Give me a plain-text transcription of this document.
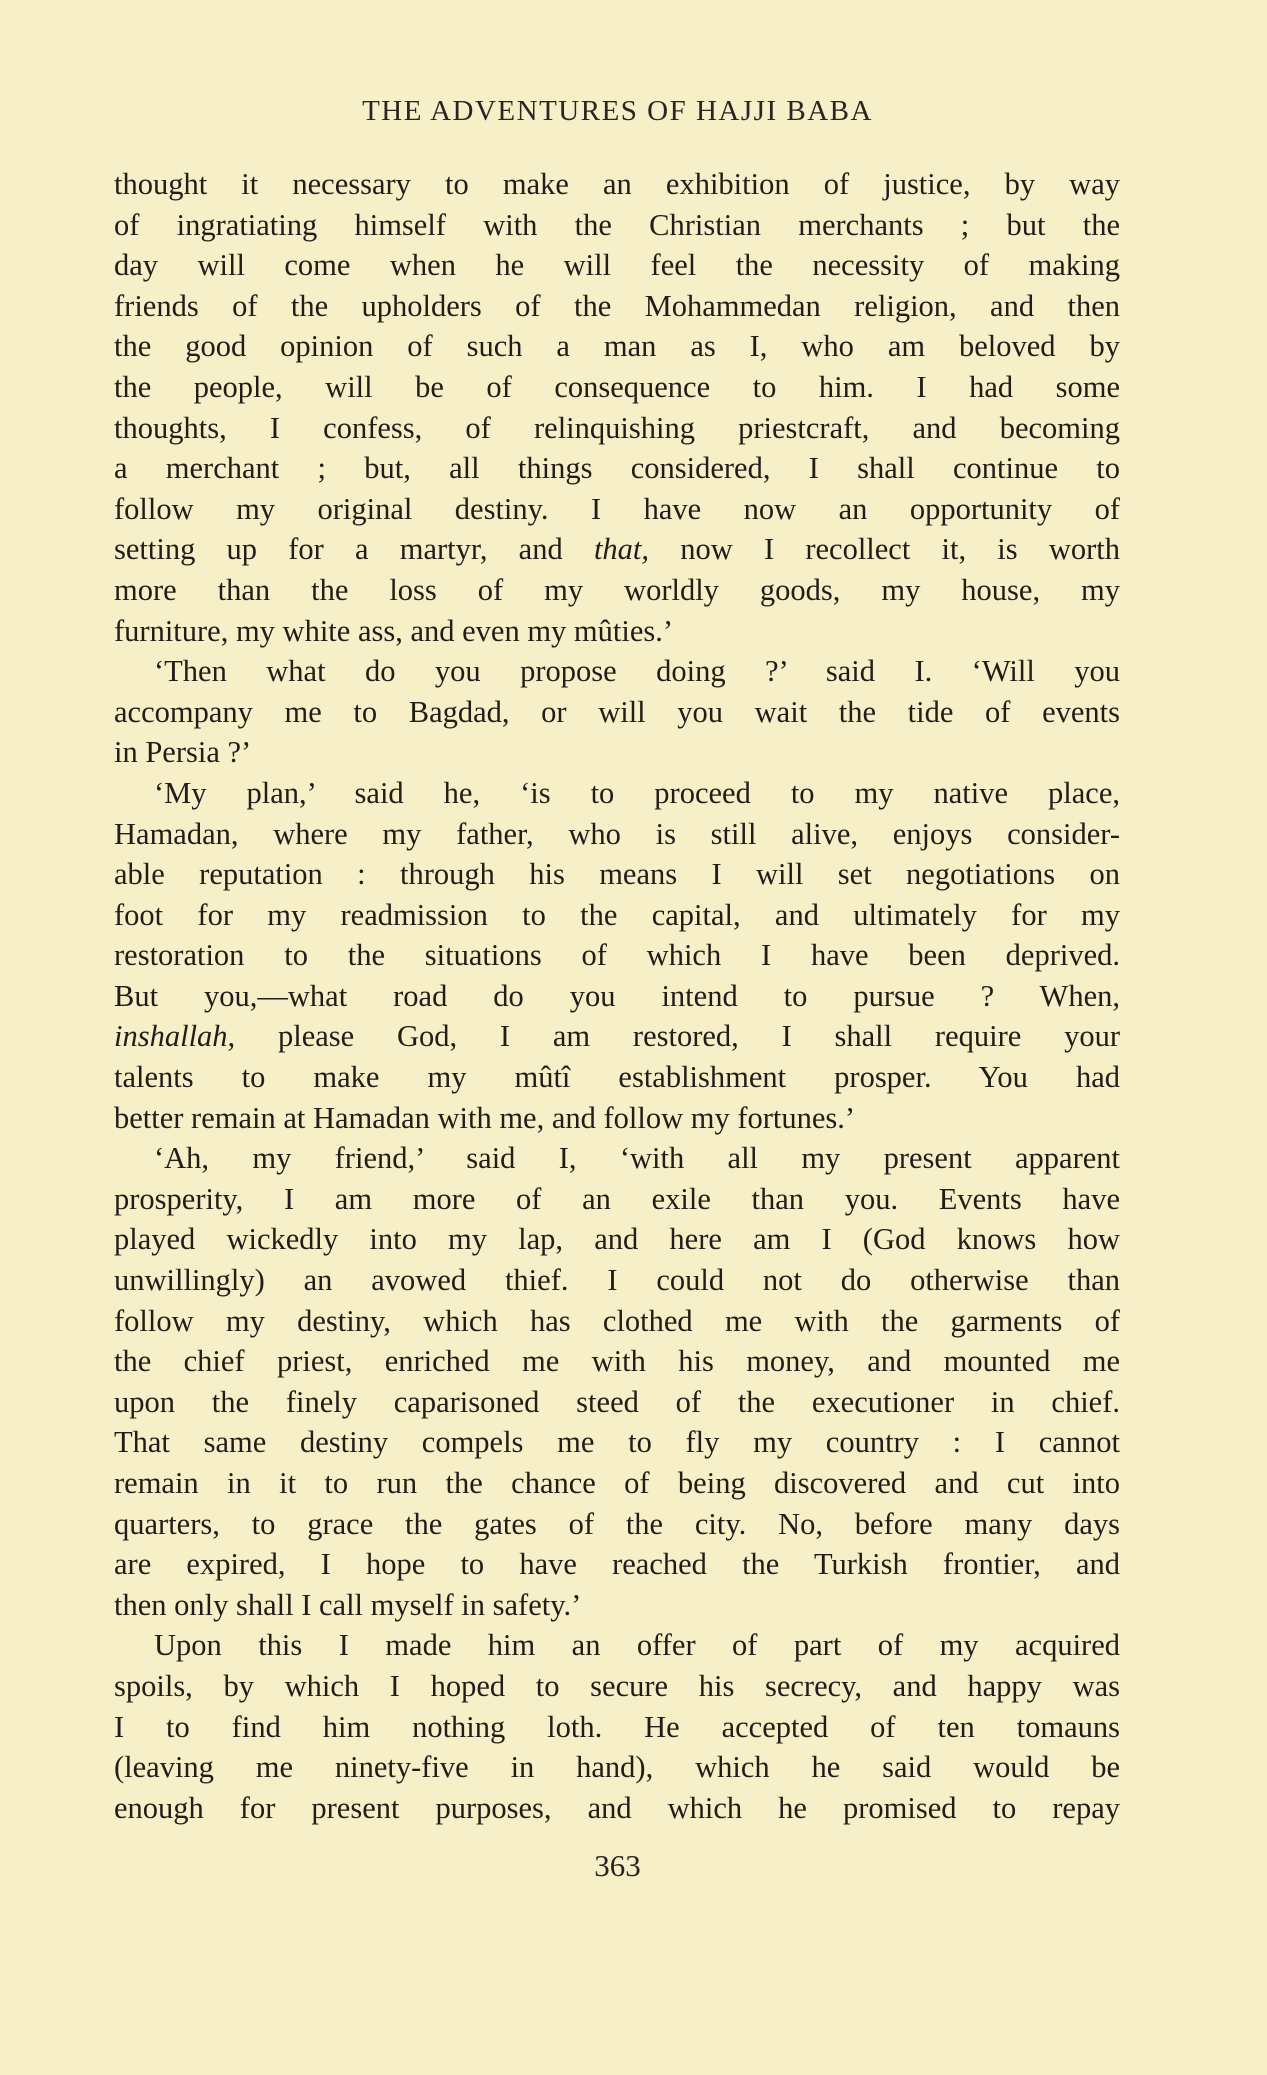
THE ADVENTURES OF HAJJI BABA
thought it necessary to make an exhibition of justice, by way
of ingratiating himself with the Christian merchants ; but the
day will come when he will feel the necessity of making
friends of the upholders of the Mohammedan religion, and then
the good opinion of such a man as I, who am beloved by
the people, will be of consequence to him. I had some
thoughts, I confess, of relinquishing priestcraft, and becoming
a merchant ; but, all things considered, I shall continue to
follow my original destiny. I have now an opportunity of
setting up for a martyr, and that, now I recollect it, is worth
more than the loss of my worldly goods, my house, my
furniture, my white ass, and even my mûties.’
‘Then what do you propose doing ?’ said I. ‘Will you
accompany me to Bagdad, or will you wait the tide of events
in Persia ?’
‘My plan,’ said he, ‘is to proceed to my native place,
Hamadan, where my father, who is still alive, enjoys consider-
able reputation : through his means I will set negotiations on
foot for my readmission to the capital, and ultimately for my
restoration to the situations of which I have been deprived.
But you,—what road do you intend to pursue ? When,
inshallah, please God, I am restored, I shall require your
talents to make my mûtî establishment prosper. You had
better remain at Hamadan with me, and follow my fortunes.’
‘Ah, my friend,’ said I, ‘with all my present apparent
prosperity, I am more of an exile than you. Events have
played wickedly into my lap, and here am I (God knows how
unwillingly) an avowed thief. I could not do otherwise than
follow my destiny, which has clothed me with the garments of
the chief priest, enriched me with his money, and mounted me
upon the finely caparisoned steed of the executioner in chief.
That same destiny compels me to fly my country : I cannot
remain in it to run the chance of being discovered and cut into
quarters, to grace the gates of the city. No, before many days
are expired, I hope to have reached the Turkish frontier, and
then only shall I call myself in safety.’
Upon this I made him an offer of part of my acquired
spoils, by which I hoped to secure his secrecy, and happy was
I to find him nothing loth. He accepted of ten tomauns
(leaving me ninety-five in hand), which he said would be
enough for present purposes, and which he promised to repay
363
